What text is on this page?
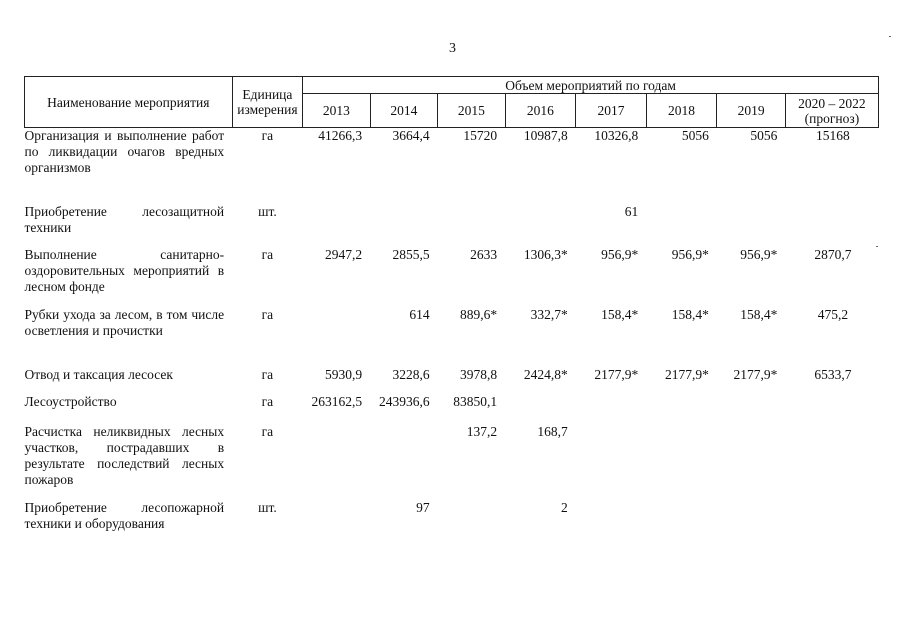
3
Наименование мероприятия	Единица измерения	Объем мероприятий по годам							
		2013	2014	2015	2016	2017	2018	2019	2020 – 2022 (прогноз)
Организация и выполнение работ по ликвидации очагов вредных организмов	га	41266,3	3664,4	15720	10987,8	10326,8	5056	5056	15168
Приобретение лесозащитной техники	шт.					61			
Выполнение санитарно-оздоровительных мероприятий в лесном фонде	га	2947,2	2855,5	2633	1306,3*	956,9*	956,9*	956,9*	2870,7
Рубки ухода за лесом, в том числе осветления и прочистки	га		614	889,6*	332,7*	158,4*	158,4*	158,4*	475,2
Отвод и таксация лесосек	га	5930,9	3228,6	3978,8	2424,8*	2177,9*	2177,9*	2177,9*	6533,7
Лесоустройство	га	263162,5	243936,6	83850,1					
Расчистка неликвидных лесных участков, пострадавших в результате последствий лесных пожаров	га			137,2	168,7				
Приобретение лесопожарной техники и оборудования	шт.		97		2				
